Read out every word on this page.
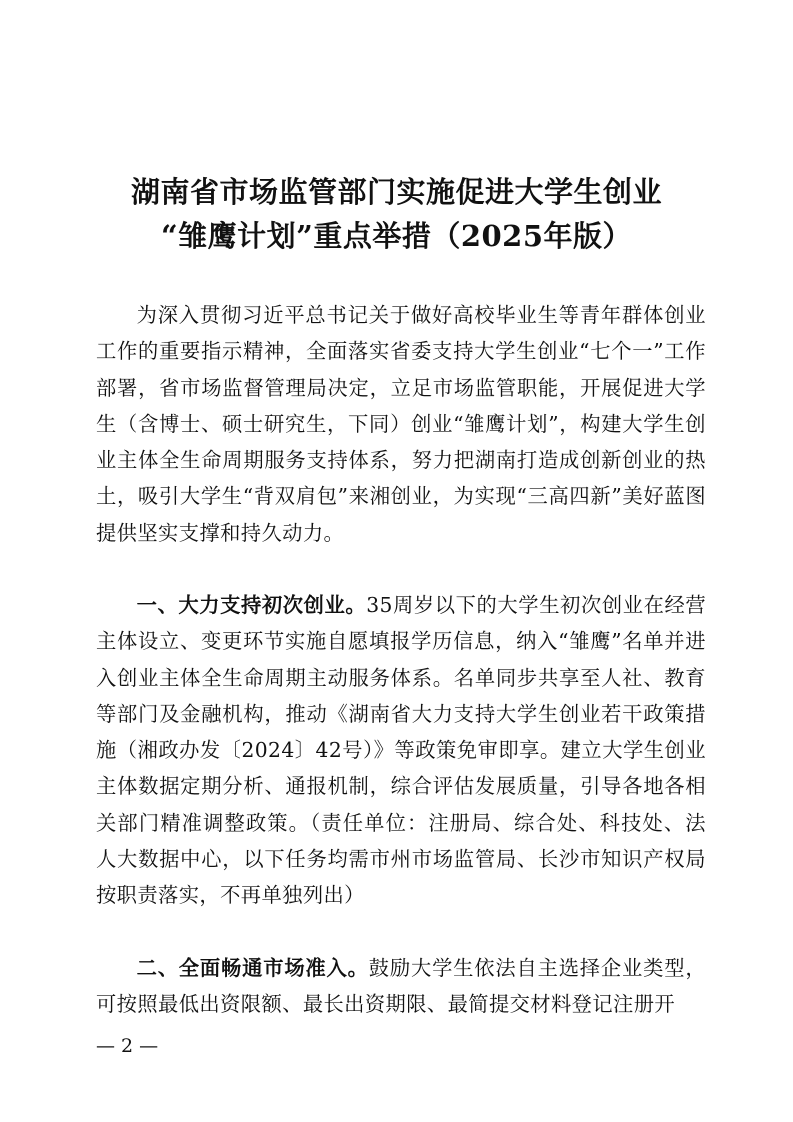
湖南省市场监管部门实施促进大学生创业
“雏鹰计划”重点举措（2025年版）

为深入贯彻习近平总书记关于做好高校毕业生等青年群体创业工作的重要指示精神，全面落实省委支持大学生创业“七个一”工作部署，省市场监督管理局决定，立足市场监管职能，开展促进大学生（含博士、硕士研究生，下同）创业“雏鹰计划”，构建大学生创业主体全生命周期服务支持体系，努力把湖南打造成创新创业的热土，吸引大学生“背双肩包”来湘创业，为实现“三高四新”美好蓝图提供坚实支撑和持久动力。

一、大力支持初次创业。35周岁以下的大学生初次创业在经营主体设立、变更环节实施自愿填报学历信息，纳入“雏鹰”名单并进入创业主体全生命周期主动服务体系。名单同步共享至人社、教育等部门及金融机构，推动《湖南省大力支持大学生创业若干政策措施（湘政办发〔2024〕42号）》等政策免审即享。建立大学生创业主体数据定期分析、通报机制，综合评估发展质量，引导各地各相关部门精准调整政策。（责任单位：注册局、综合处、科技处、法人大数据中心，以下任务均需市州市场监管局、长沙市知识产权局按职责落实，不再单独列出）

二、全面畅通市场准入。鼓励大学生依法自主选择企业类型，可按照最低出资限额、最长出资期限、最简提交材料登记注册开

— 2 —
